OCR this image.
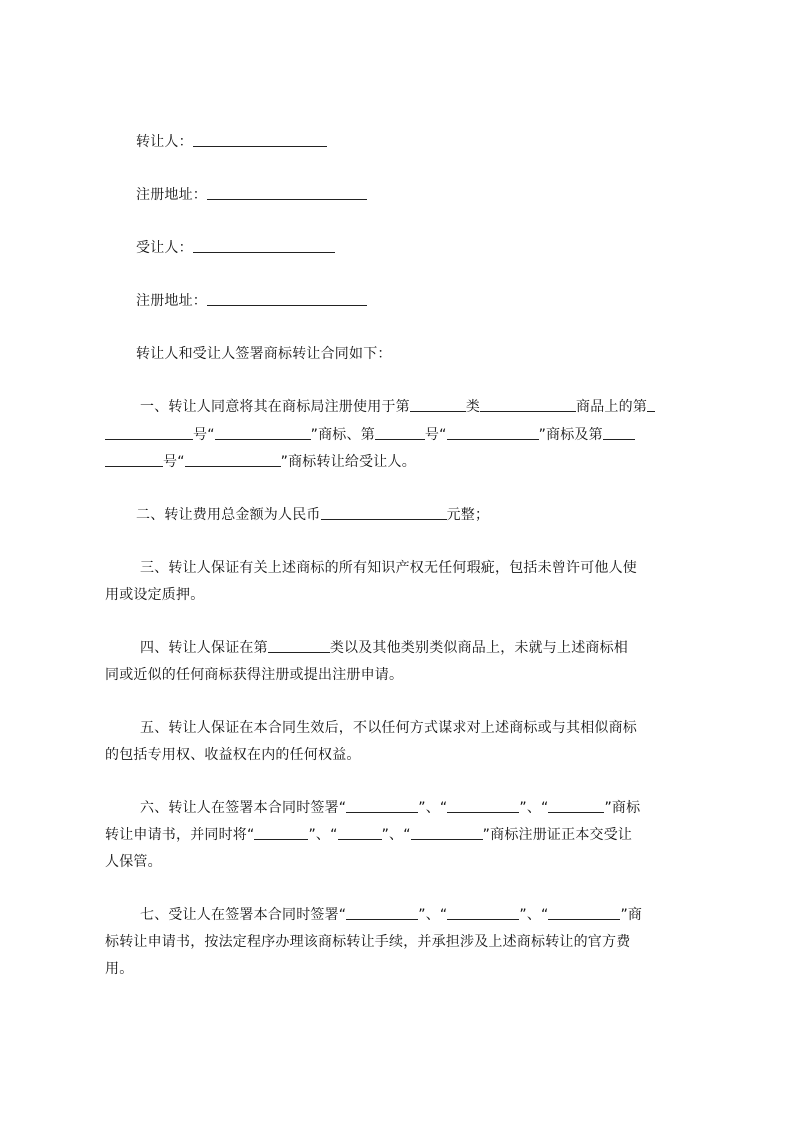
转让人：
注册地址：
受让人：
注册地址：
转让人和受让人签署商标转让合同如下：
一、转让人同意将其在商标局注册使用于第	类	商品上的第
号“	”商标、第	号“	”商标及第
号“	”商标转让给受让人。
二、转让费用总金额为人民币	元整；
三、转让人保证有关上述商标的所有知识产权无任何瑕疵，包括未曾许可他人使
用或设定质押。
四、转让人保证在第	类以及其他类别类似商品上，未就与上述商标相
同或近似的任何商标获得注册或提出注册申请。
五、转让人保证在本合同生效后，不以任何方式谋求对上述商标或与其相似商标
的包括专用权、收益权在内的任何权益。
六、转让人在签署本合同时签署“	”、“	”、“	”商标
转让申请书，并同时将“	”、“	”、“	”商标注册证正本交受让
人保管。
七、受让人在签署本合同时签署“	”、“	”、“	”商
标转让申请书，按法定程序办理该商标转让手续，并承担涉及上述商标转让的官方费
用。
